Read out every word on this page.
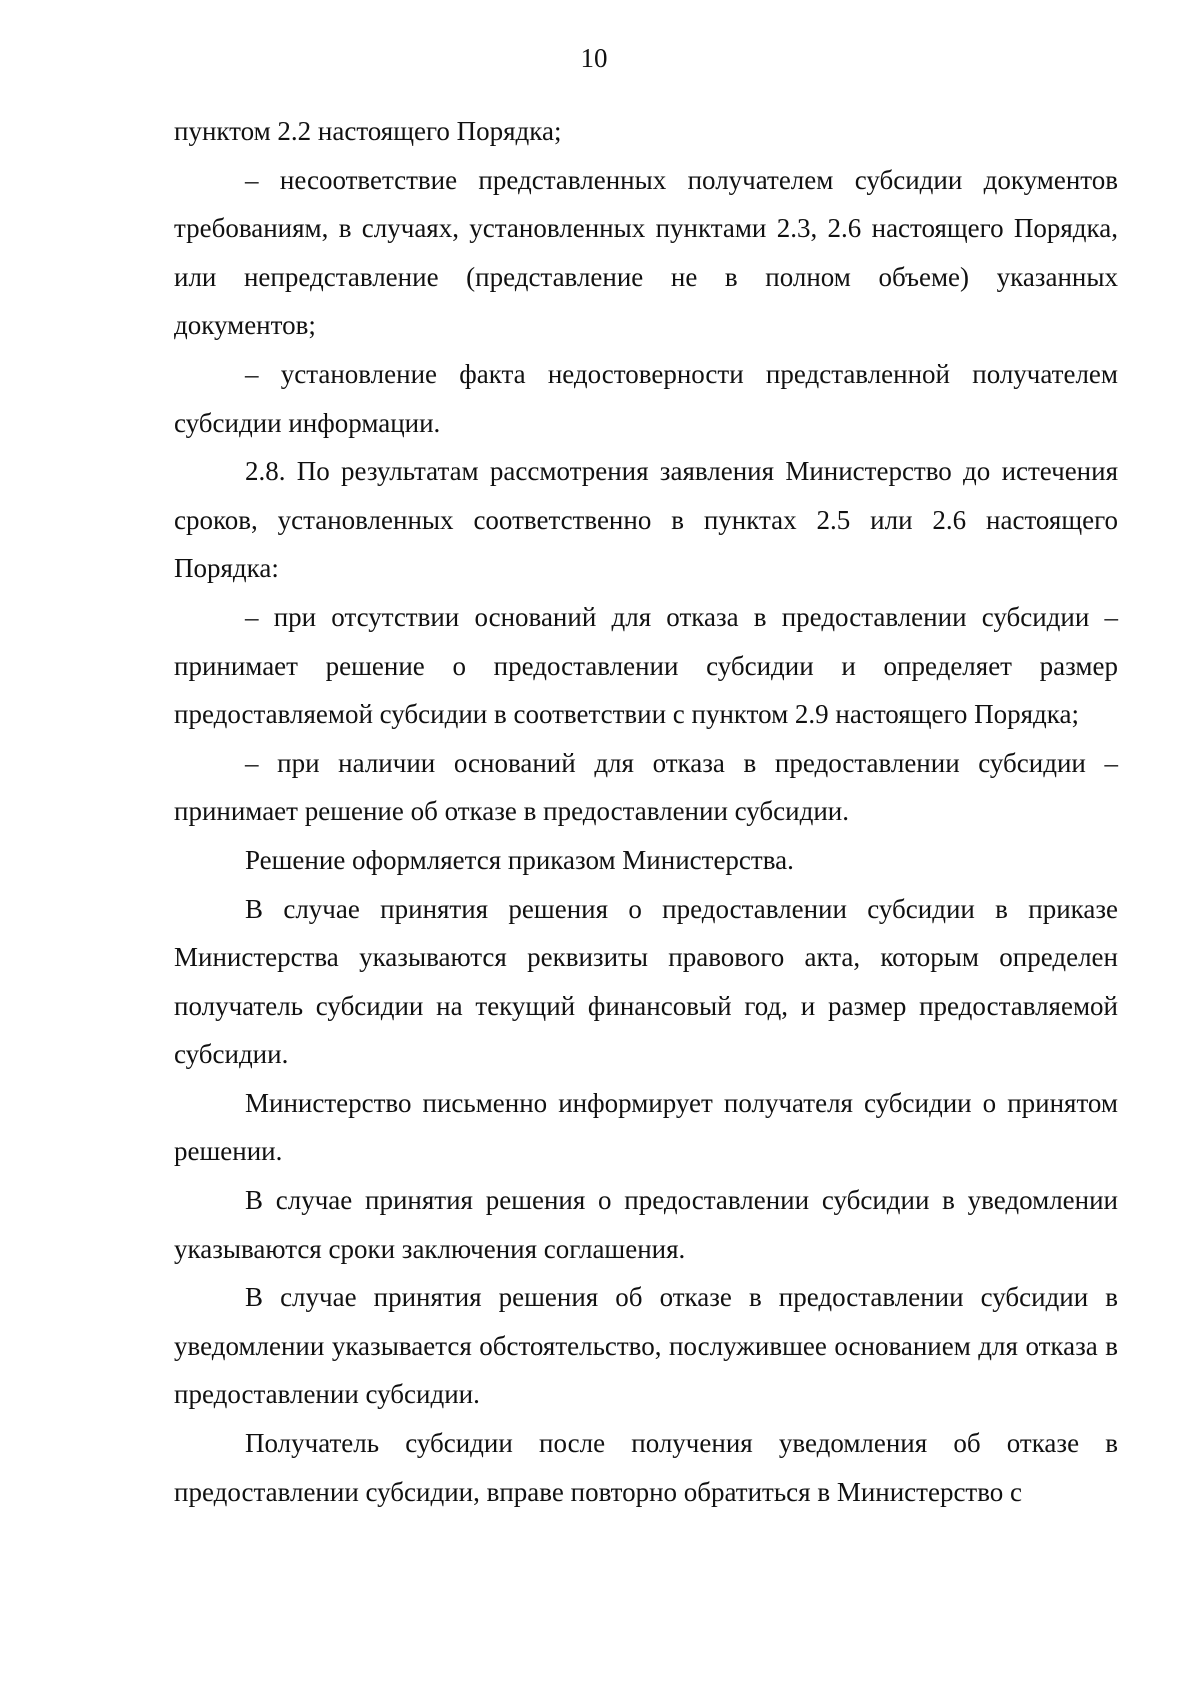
10

пунктом 2.2 настоящего Порядка;

– несоответствие представленных получателем субсидии документов требованиям, в случаях, установленных пунктами 2.3, 2.6 настоящего Порядка, или непредставление (представление не в полном объеме) указанных документов;

– установление факта недостоверности представленной получателем субсидии информации.

2.8. По результатам рассмотрения заявления Министерство до истечения сроков, установленных соответственно в пунктах 2.5 или 2.6 настоящего Порядка:

– при отсутствии оснований для отказа в предоставлении субсидии – принимает решение о предоставлении субсидии и определяет размер предоставляемой субсидии в соответствии с пунктом 2.9 настоящего Порядка;

– при наличии оснований для отказа в предоставлении субсидии – принимает решение об отказе в предоставлении субсидии.

Решение оформляется приказом Министерства.

В случае принятия решения о предоставлении субсидии в приказе Министерства указываются реквизиты правового акта, которым определен получатель субсидии на текущий финансовый год, и размер предоставляемой субсидии.

Министерство письменно информирует получателя субсидии о принятом решении.

В случае принятия решения о предоставлении субсидии в уведомлении указываются сроки заключения соглашения.

В случае принятия решения об отказе в предоставлении субсидии в уведомлении указывается обстоятельство, послужившее основанием для отказа в предоставлении субсидии.

Получатель субсидии после получения уведомления об отказе в предоставлении субсидии, вправе повторно обратиться в Министерство с
